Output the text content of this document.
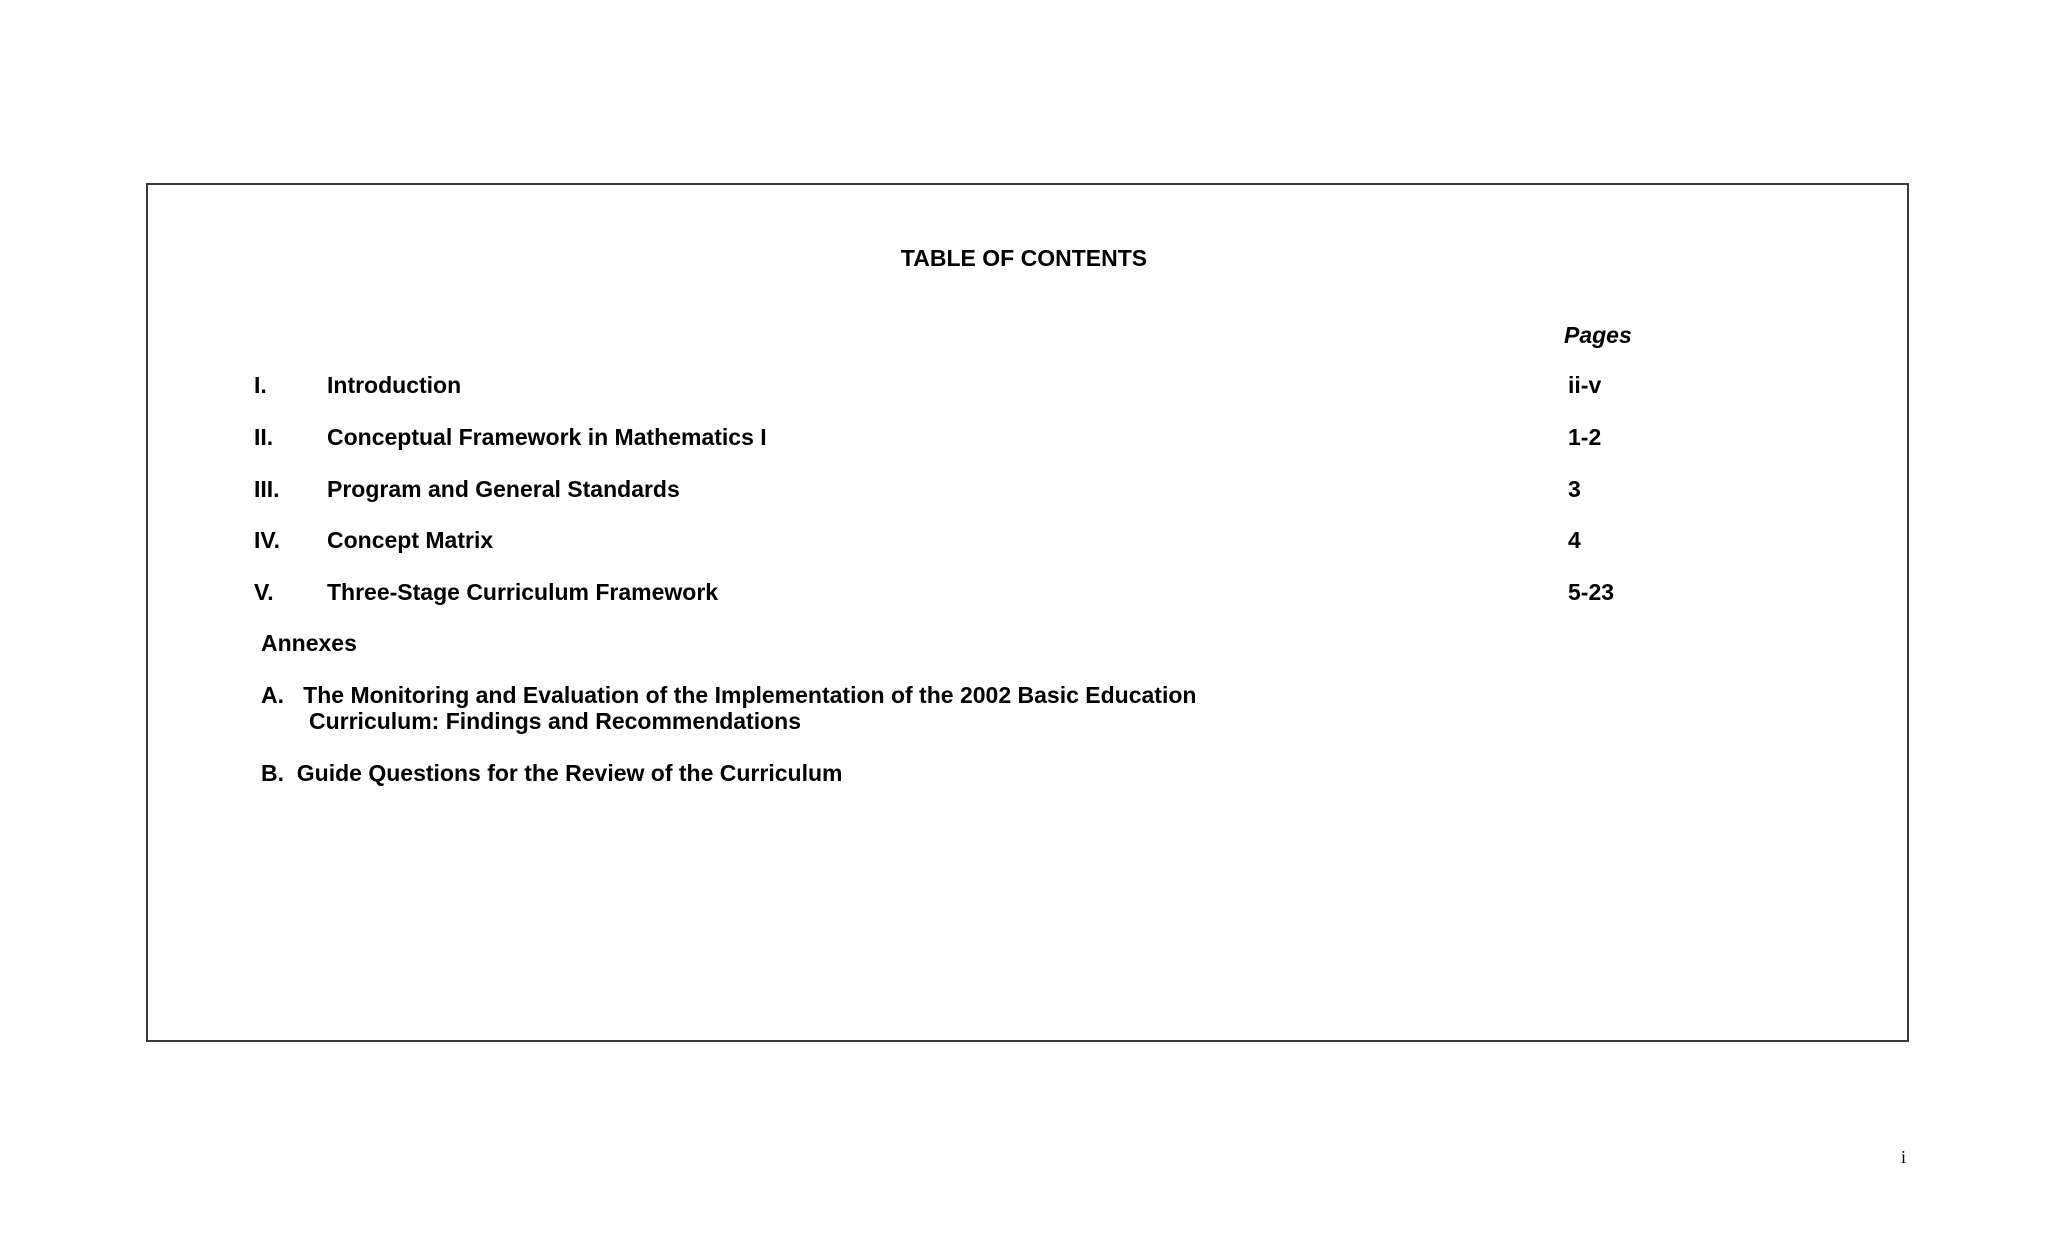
TABLE OF CONTENTS
Pages
I.	Introduction	ii-v
II. Conceptual Framework in Mathematics I	1-2
III. Program and General Standards	3
IV. Concept Matrix	4
V. Three-Stage Curriculum Framework	5-23
Annexes
A.   The Monitoring and Evaluation of the Implementation of the 2002 Basic Education
Curriculum: Findings and Recommendations
B.  Guide Questions for the Review of the Curriculum
i
